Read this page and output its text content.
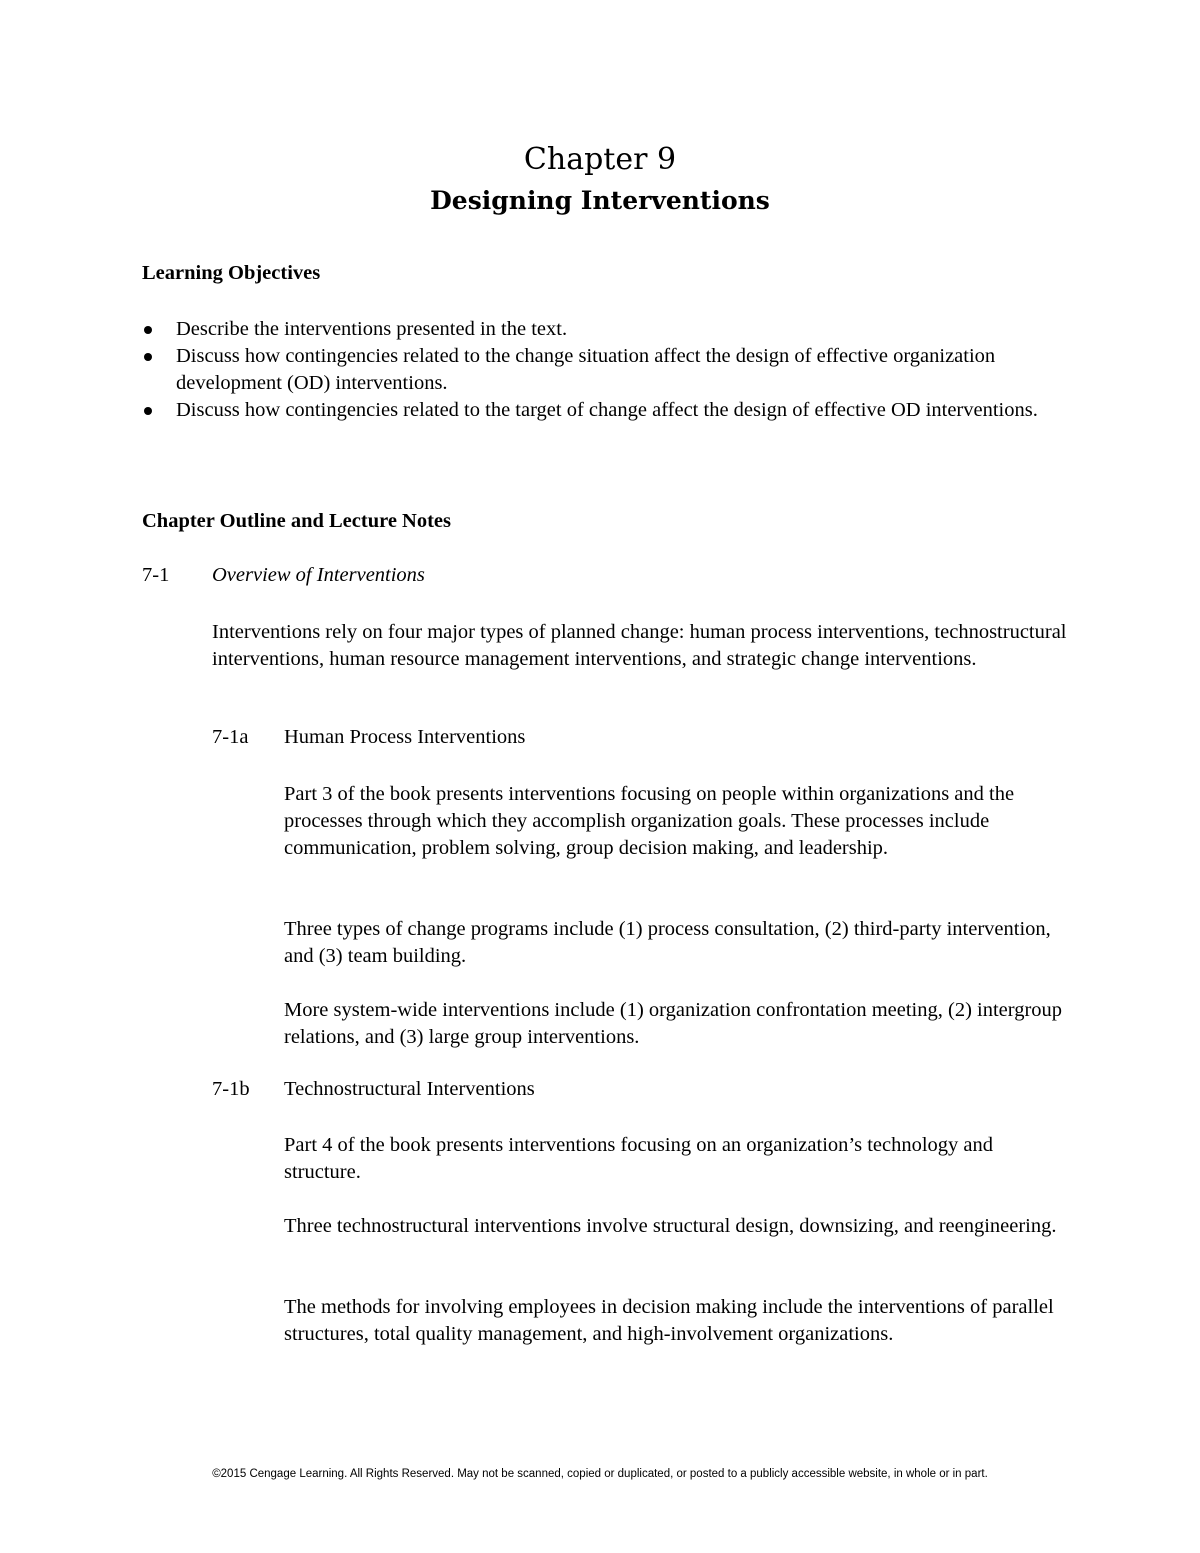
Chapter 9
Designing Interventions
Learning Objectives
Describe the interventions presented in the text.
Discuss how contingencies related to the change situation affect the design of effective organization development (OD) interventions.
Discuss how contingencies related to the target of change affect the design of effective OD interventions.
Chapter Outline and Lecture Notes
7-1 Overview of Interventions
Interventions rely on four major types of planned change: human process interventions, technostructural interventions, human resource management interventions, and strategic change interventions.
7-1a Human Process Interventions
Part 3 of the book presents interventions focusing on people within organizations and the processes through which they accomplish organization goals. These processes include communication, problem solving, group decision making, and leadership.
Three types of change programs include (1) process consultation, (2) third-party intervention, and (3) team building.
More system-wide interventions include (1) organization confrontation meeting, (2) intergroup relations, and (3) large group interventions.
7-1b Technostructural Interventions
Part 4 of the book presents interventions focusing on an organization’s technology and structure.
Three technostructural interventions involve structural design, downsizing, and reengineering.
The methods for involving employees in decision making include the interventions of parallel structures, total quality management, and high-involvement organizations.
©2015 Cengage Learning. All Rights Reserved. May not be scanned, copied or duplicated, or posted to a publicly accessible website, in whole or in part.
